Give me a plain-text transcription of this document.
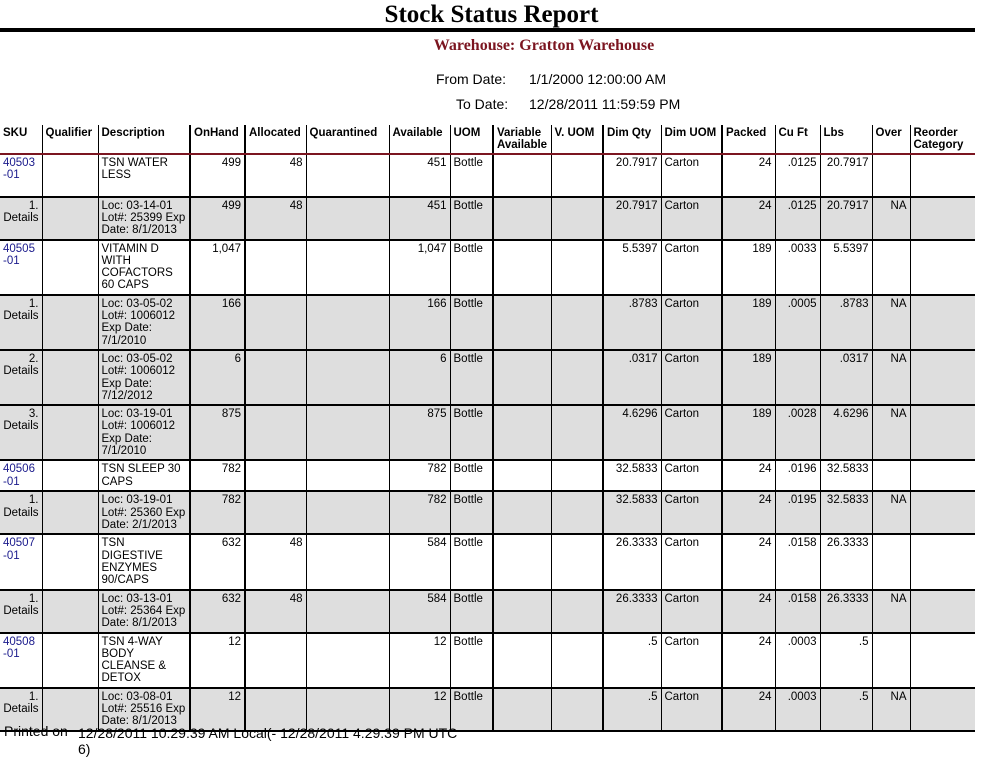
Stock Status Report
Warehouse: Gratton Warehouse
From Date: 1/1/2000 12:00:00 AM
To Date: 12/28/2011 11:59:59 PM
SKU	Qualifier	Description	OnHand	Allocated	Quarantined	Available	UOM	Variable Available	V. UOM	Dim Qty	Dim UOM	Packed	Cu Ft	Lbs	Over	Reorder Category
40503-01		TSN WATER LESS	499	48		451	Bottle			20.7917	Carton	24	.0125	20.7917		
1. Details		Loc: 03-14-01 Lot#: 25399 Exp Date: 8/1/2013	499	48		451	Bottle			20.7917	Carton	24	.0125	20.7917	NA	
40505-01		VITAMIN D WITH COFACTORS 60 CAPS	1,047			1,047	Bottle			5.5397	Carton	189	.0033	5.5397		
1. Details		Loc: 03-05-02 Lot#: 1006012 Exp Date: 7/1/2010	166			166	Bottle			.8783	Carton	189	.0005	.8783	NA	
2. Details		Loc: 03-05-02 Lot#: 1006012 Exp Date: 7/12/2012	6			6	Bottle			.0317	Carton	189		.0317	NA	
3. Details		Loc: 03-19-01 Lot#: 1006012 Exp Date: 7/1/2010	875			875	Bottle			4.6296	Carton	189	.0028	4.6296	NA	
40506-01		TSN SLEEP 30 CAPS	782			782	Bottle			32.5833	Carton	24	.0196	32.5833		
1. Details		Loc: 03-19-01 Lot#: 25360 Exp Date: 2/1/2013	782			782	Bottle			32.5833	Carton	24	.0195	32.5833	NA	
40507-01		TSN DIGESTIVE ENZYMES 90/CAPS	632	48		584	Bottle			26.3333	Carton	24	.0158	26.3333		
1. Details		Loc: 03-13-01 Lot#: 25364 Exp Date: 8/1/2013	632	48		584	Bottle			26.3333	Carton	24	.0158	26.3333	NA	
40508-01		TSN 4-WAY BODY CLEANSE & DETOX	12			12	Bottle			.5	Carton	24	.0003	.5		
1. Details		Loc: 03-08-01 Lot#: 25516 Exp Date: 8/1/2013	12			12	Bottle			.5	Carton	24	.0003	.5	NA	
Printed on 12/28/2011 10:29:39 AM Local(- 12/28/2011 4:29:39 PM UTC
6)
